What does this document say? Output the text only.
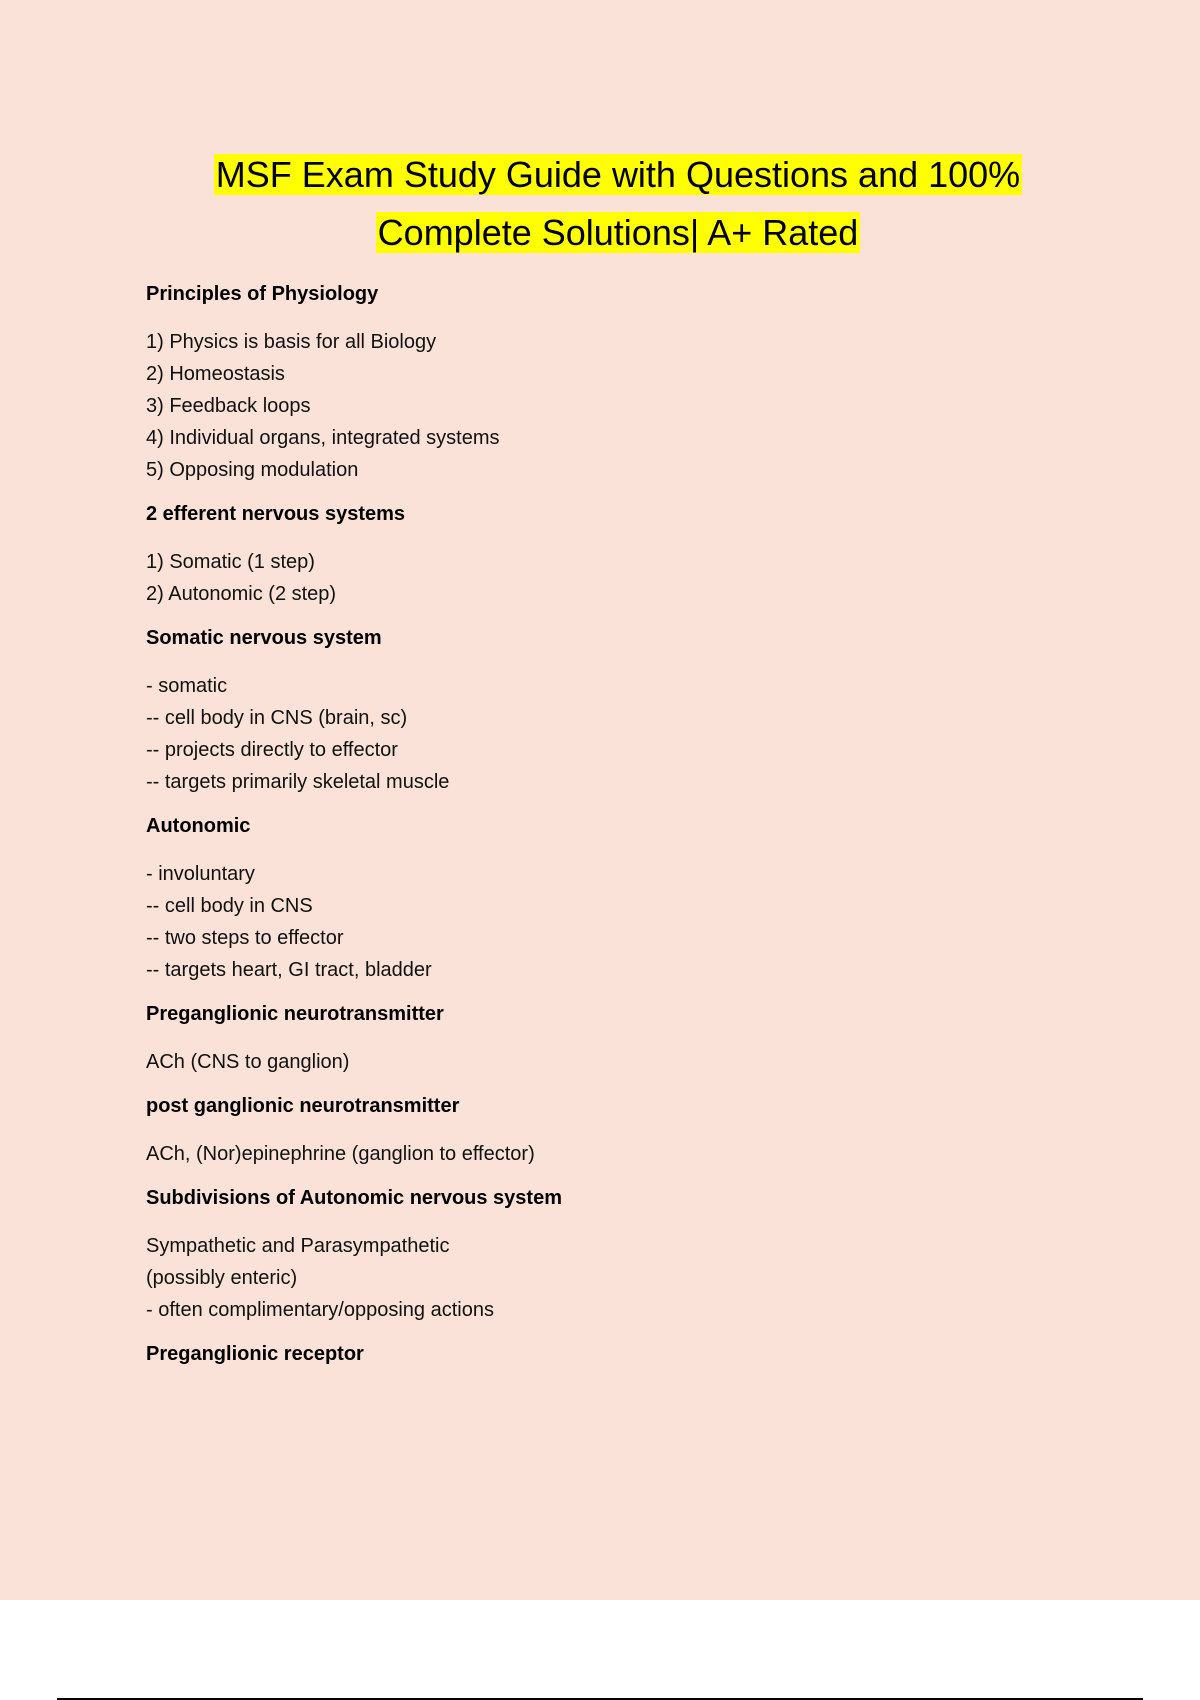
MSF Exam Study Guide with Questions and 100%
Complete Solutions| A+ Rated
Principles of Physiology
1) Physics is basis for all Biology
2) Homeostasis
3) Feedback loops
4) Individual organs, integrated systems
5) Opposing modulation
2 efferent nervous systems
1) Somatic (1 step)
2) Autonomic (2 step)
Somatic nervous system
- somatic
-- cell body in CNS (brain, sc)
-- projects directly to effector
-- targets primarily skeletal muscle
Autonomic
- involuntary
-- cell body in CNS
-- two steps to effector
-- targets heart, GI tract, bladder
Preganglionic neurotransmitter
ACh (CNS to ganglion)
post ganglionic neurotransmitter
ACh, (Nor)epinephrine (ganglion to effector)
Subdivisions of Autonomic nervous system
Sympathetic and Parasympathetic
(possibly enteric)
- often complimentary/opposing actions
Preganglionic receptor
